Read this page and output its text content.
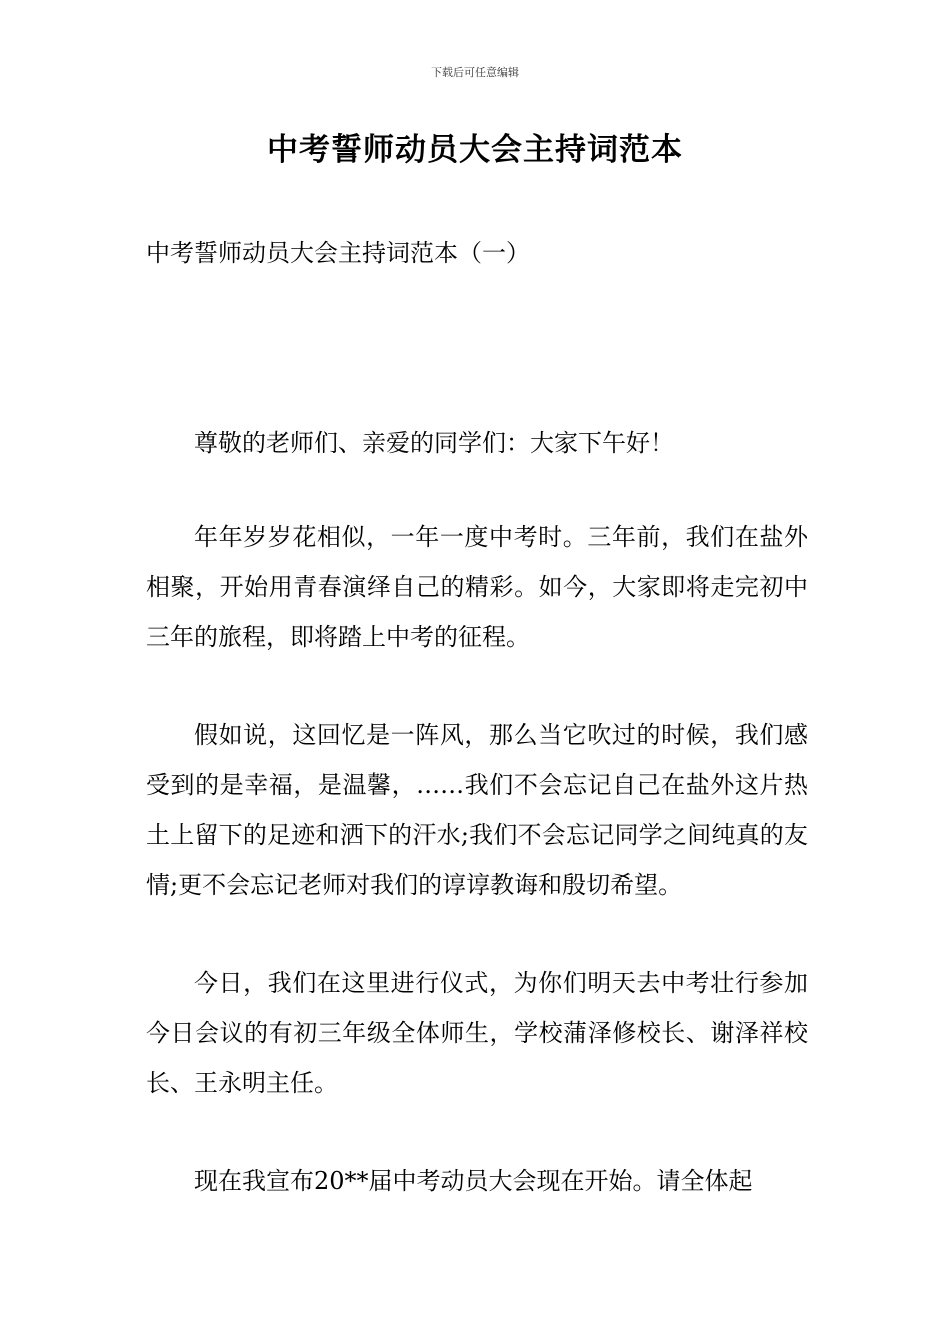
下载后可任意编辑
中考誓师动员大会主持词范本

中考誓师动员大会主持词范本（一）

尊敬的老师们、亲爱的同学们：大家下午好！

年年岁岁花相似，一年一度中考时。三年前，我们在盐外相聚，开始用青春演绎自己的精彩。如今，大家即将走完初中三年的旅程，即将踏上中考的征程。

假如说，这回忆是一阵风，那么当它吹过的时候，我们感受到的是幸福，是温馨，……我们不会忘记自己在盐外这片热土上留下的足迹和洒下的汗水;我们不会忘记同学之间纯真的友情;更不会忘记老师对我们的谆谆教诲和殷切希望。

今日，我们在这里进行仪式，为你们明天去中考壮行参加今日会议的有初三年级全体师生，学校蒲泽修校长、谢泽祥校长、王永明主任。

现在我宣布20**届中考动员大会现在开始。请全体起
